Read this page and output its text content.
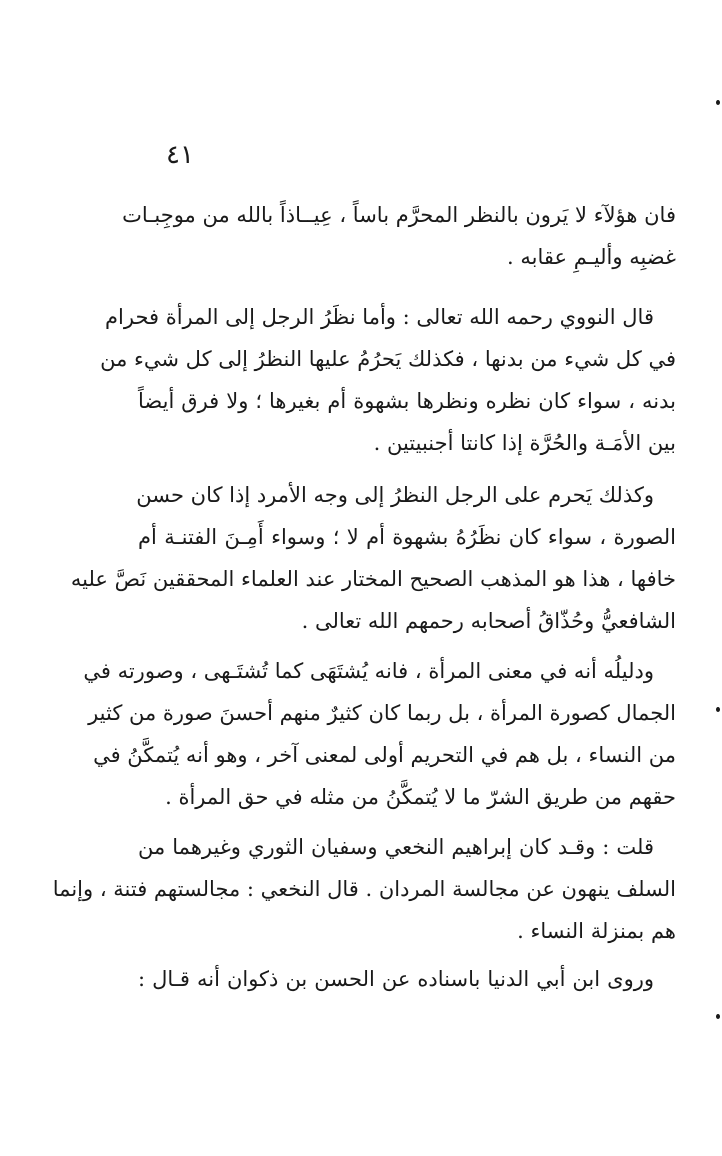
٤١
فان هؤلآء لا يَرون بالنظر المحرَّم باساً ، عِيــاذاً بالله من موجِبـات
غضبِه وأليـمِ عقابه .
قال النووي رحمه الله تعالى : وأما نظَرُ الرجل إلى المرأة فحرام
في كل شيء من بدنها ، فكذلك يَحرُمُ عليها النظرُ إلى كل شيء من
بدنه ، سواء كان نظره ونظرها بشهوة أم بغيرها ؛ ولا فرق أيضاً
بين الأمَـة والحُرَّة إذا كانتا أجنبيتين .
وكذلك يَحرم على الرجل النظرُ إلى وجه الأمرد إذا كان حسن
الصورة ، سواء كان نظَرُهُ بشهوة أم لا ؛ وسواء أَمِـنَ الفتنـة أم
خافها ، هذا هو المذهب الصحيح المختار عند العلماء المحققين نَصَّ عليه
الشافعيُّ وحُذّاقُ أصحابه رحمهم الله تعالى .
ودليلُه أنه في معنى المرأة ، فانه يُشتَهَى كما تُشتَـهى ، وصورته في
الجمال كصورة المرأة ، بل ربما كان كثيرٌ منهم أحسنَ صورة من كثير
من النساء ، بل هم في التحريم أولى لمعنى آخر ، وهو أنه يُتمكَّنُ في
حقهم من طريق الشرّ ما لا يُتمكَّنُ من مثله في حق المرأة .
قلت : وقـد كان إبراهيم النخعي وسفيان الثوري وغيرهما من
السلف ينهون عن مجالسة المردان . قال النخعي : مجالستهم فتنة ، وإنما
هم بمنزلة النساء .
وروى ابن أبي الدنيا باسناده عن الحسن بن ذكوان أنه قـال :
